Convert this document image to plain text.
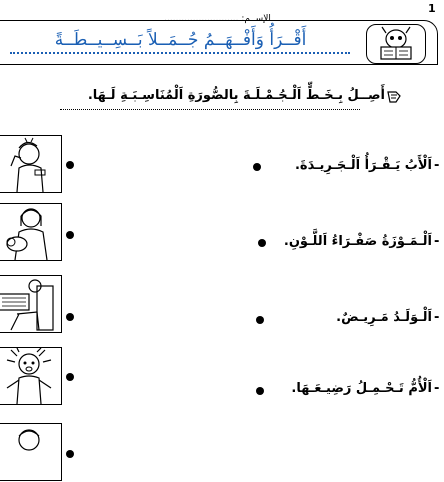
1
الإســم: ..........................
أَقْــرَأُ وَأَفْــهَــمُ جُــمَــلاً بَــسِــيــطَــةً
أَصِــلُ بِـخَـطٍّ اَلْـجُـمْـلَـةَ بِالصُّورَةِ اَلْمُنَاسِـبَـةِ لَـهَا.
-
اَلْأَبُ يَـقْـرَأُ اَلْـجَـرِيـدَةَ.
-
اَلْـمَـوْزَةُ صَفْـرَاءُ اَللَّـوْنِ.
-
اَلْـوَلَـدُ مَـرِيـضٌ.
-
اَلْأُمُّ تَـحْـمِـلُ رَضِيـعَـهَا.
